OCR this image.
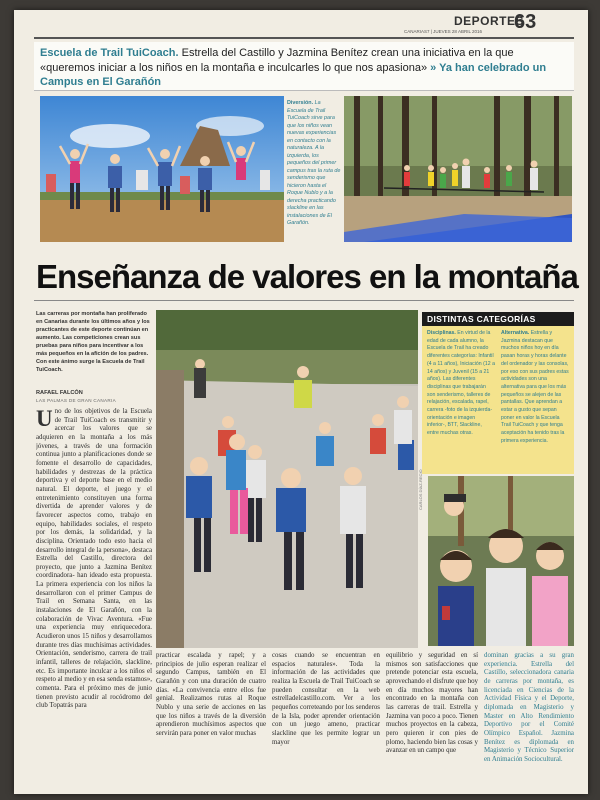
DEPORTES
CANARIAS7 | JUEVES 28 ABRIL 2016 63
Escuela de Trail TuiCoach. Estrella del Castillo y Jazmina Benítez crean una iniciativa en la que «queremos iniciar a los niños en la montaña e inculcarles lo que nos apasiona» » Ya han celebrado un Campus en El Garañón
Diversión. La Escuela de Trail TuiCoach sirve para que los niños vean nuevas experiencias en contacto con la naturaleza. A la izquierda, los pequeños del primer campus tras la ruta de senderismo que hicieron hasta el Roque Nublo y a la derecha practicando slackline en las instalaciones de El Garañón.
Enseñanza de valores en la montaña
Las carreras por montaña han proliferado en Canarias durante los últimos años y los practicantes de este deporte continúan en aumento. Las competiciones crean sus pruebas para niños para incentivar a los más pequeños en la afición de los padres. Con este ánimo surge la Escuela de Trail TuiCoach.
RAFAEL FALCÓN
LAS PALMAS DE GRAN CANARIA
Uno de los objetivos de la Escuela de Trail TuiCoach es transmitir y acercar los valores que se adquieren en la montaña a los más jóvenes, a través de una formación continua junto a planificaciones donde se fomente el desarrollo de capacidades, habilidades y destrezas de la práctica deportiva y el deporte base en el medio natural. El deporte, el juego y el entretenimiento constituyen una forma divertida de aprender valores y de favorecer aspectos como, trabajo en equipo, habilidades sociales, el respeto por los demás, la solidaridad, y la disciplina. Orientado todo esto hacia el desarrollo integral de la persona», destaca Estrella del Castillo, directora del proyecto, que junto a Jazmina Benítez coordinadora- han ideado esta propuesta. La primera experiencia con los niños la desarrollaron con el primer Campus de Trail en Semana Santa, en las instalaciones de El Garañón, con la colaboración de Vivac Aventura. «Fue una experiencia muy enriquecedora. Acudieron unos 15 niños y desarrollamos durante tres días muchísimas actividades. Orientación, senderismo, carrera de trail infantil, talleres de relajación, slackline, etc. Es importante inculcar a los niños el respeto al medio y en esa senda estamos», comenta. Para el próximo mes de junio tienen previsto acudir al rocódromo del club Topatrás para
DISTINTAS CATEGORÍAS
Disciplinas. En virtud de la edad de cada alumno, la Escuela de Trail ha creado diferentes categorías: Infantil (4 a 11 años), Iniciación (12 a 14 años) y Juvenil (15 a 21 años). Las diferentes disciplinas que trabajarán son senderismo, talleres de relajación, escalada, rapel, carrera -foto de la izquierda- orientación e imagen inferior-, BTT, Slackline, entre muchas otras.
Alternativa. Estrella y Jazmina destacan que muchos niños hoy en día pasan horas y horas delante del ordenador y las consolas, por eso con sus padres estas actividades son una alternativa para que los más pequeños se alejen de las pantallas. Que aprendan a estar a gusto que sepan poner en valor la Escuela Trail TuiCoach y que tenga aceptación ha tenido tras la primera experiencia.
CARLOS DÍAZ-RECIO
practicar escalada y rapel; y a principios de julio esperan realizar el segundo Campus, también en El Garañón y con una duración de cuatro días. «La convivencia entre ellos fue genial. Realizamos rutas al Roque Nublo y una serie de acciones en las que los niños a través de la diversión aprendieron muchísimos aspectos que servirán para poner en valor muchas
cosas cuando se encuentran en espacios naturales». Toda la información de las actividades que realiza la Escuela de Trail TuiCoach se pueden consultar en la web estrelladelcastillo.com. Ver a los pequeños correteando por los senderos de la Isla, poder aprender orientación con un juego ameno, practicar slackline que les permite lograr un mayor
equilibrio y seguridad en sí mismos son satisfacciones que pretende potenciar esta escuela, aprovechando el disfrute que hoy en día muchos mayores han encontrado en la montaña con las carreras de trail. Estrella y Jazmina van poco a poco. Tienen muchos proyectos en la cabeza, pero quieren ir con pies de plomo, haciendo bien las cosas y avanzar en un campo que
dominan gracias a su gran experiencia. Estrella del Castillo, seleccionadora canaria de carreras por montaña, es licenciada en Ciencias de la Actividad Física y el Deporte, diplomada en Magisterio y Master en Alto Rendimiento Deportivo por el Comité Olímpico Español. Jazmina Benítez es diplomada en Magisterio y Técnico Superior en Animación Sociocultural.
